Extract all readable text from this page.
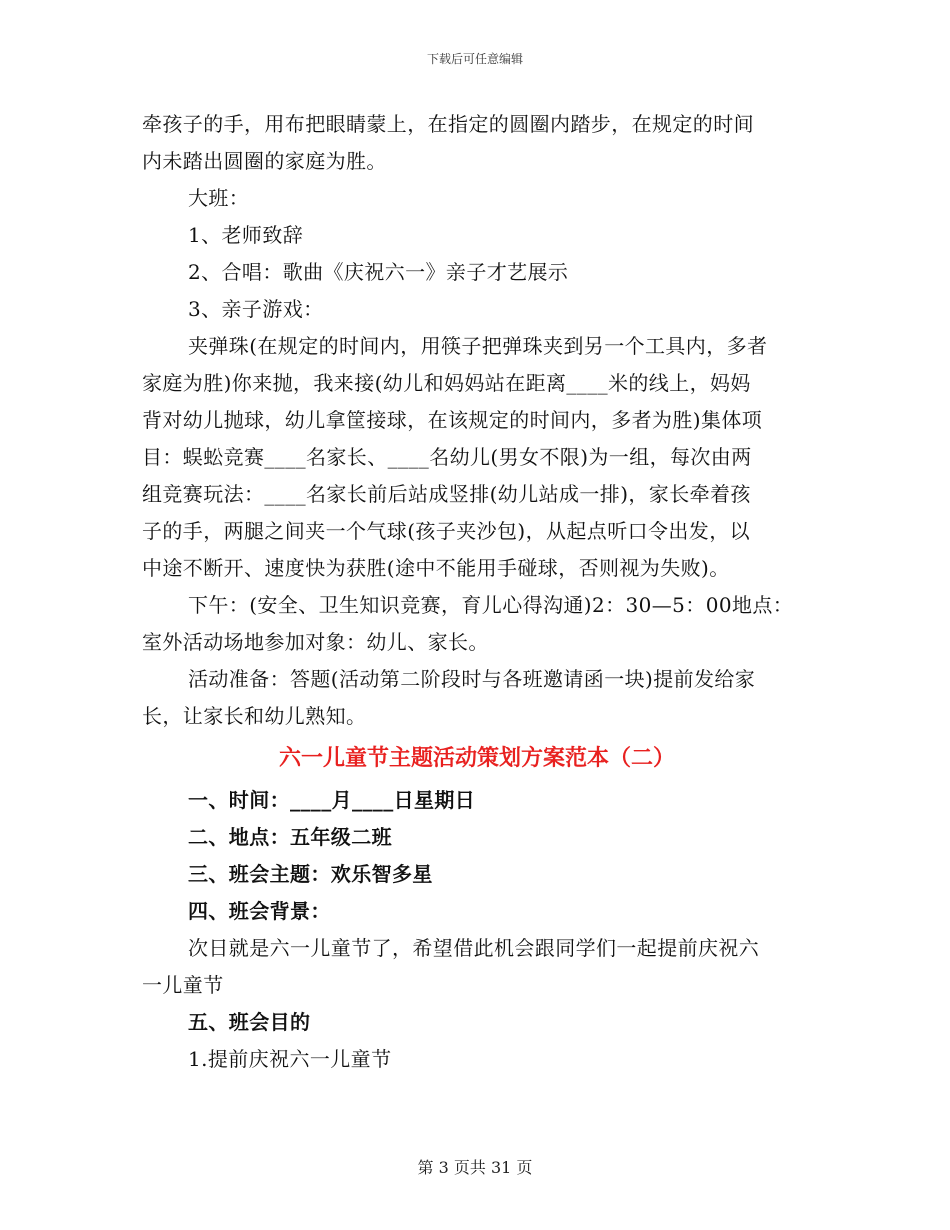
下载后可任意编辑
牵孩子的手，用布把眼睛蒙上，在指定的圆圈内踏步，在规定的时间
内未踏出圆圈的家庭为胜。
大班：
1、老师致辞
2、合唱：歌曲《庆祝六一》亲子才艺展示
3、亲子游戏：
夹弹珠(在规定的时间内，用筷子把弹珠夹到另一个工具内，多者
家庭为胜)你来抛，我来接(幼儿和妈妈站在距离____米的线上，妈妈
背对幼儿抛球，幼儿拿筐接球，在该规定的时间内，多者为胜)集体项
目：蜈蚣竞赛____名家长、____名幼儿(男女不限)为一组，每次由两
组竞赛玩法：____名家长前后站成竖排(幼儿站成一排)，家长牵着孩
子的手，两腿之间夹一个气球(孩子夹沙包)，从起点听口令出发，以
中途不断开、速度快为获胜(途中不能用手碰球，否则视为失败)。
下午：(安全、卫生知识竞赛，育儿心得沟通)2：30—5：00地点：
室外活动场地参加对象：幼儿、家长。
活动准备：答题(活动第二阶段时与各班邀请函一块)提前发给家
长，让家长和幼儿熟知。
六一儿童节主题活动策划方案范本（二）
一、时间：____月____日星期日
二、地点：五年级二班
三、班会主题：欢乐智多星
四、班会背景：
次日就是六一儿童节了，希望借此机会跟同学们一起提前庆祝六
一儿童节
五、班会目的
1.提前庆祝六一儿童节
第 3 页共 31 页
